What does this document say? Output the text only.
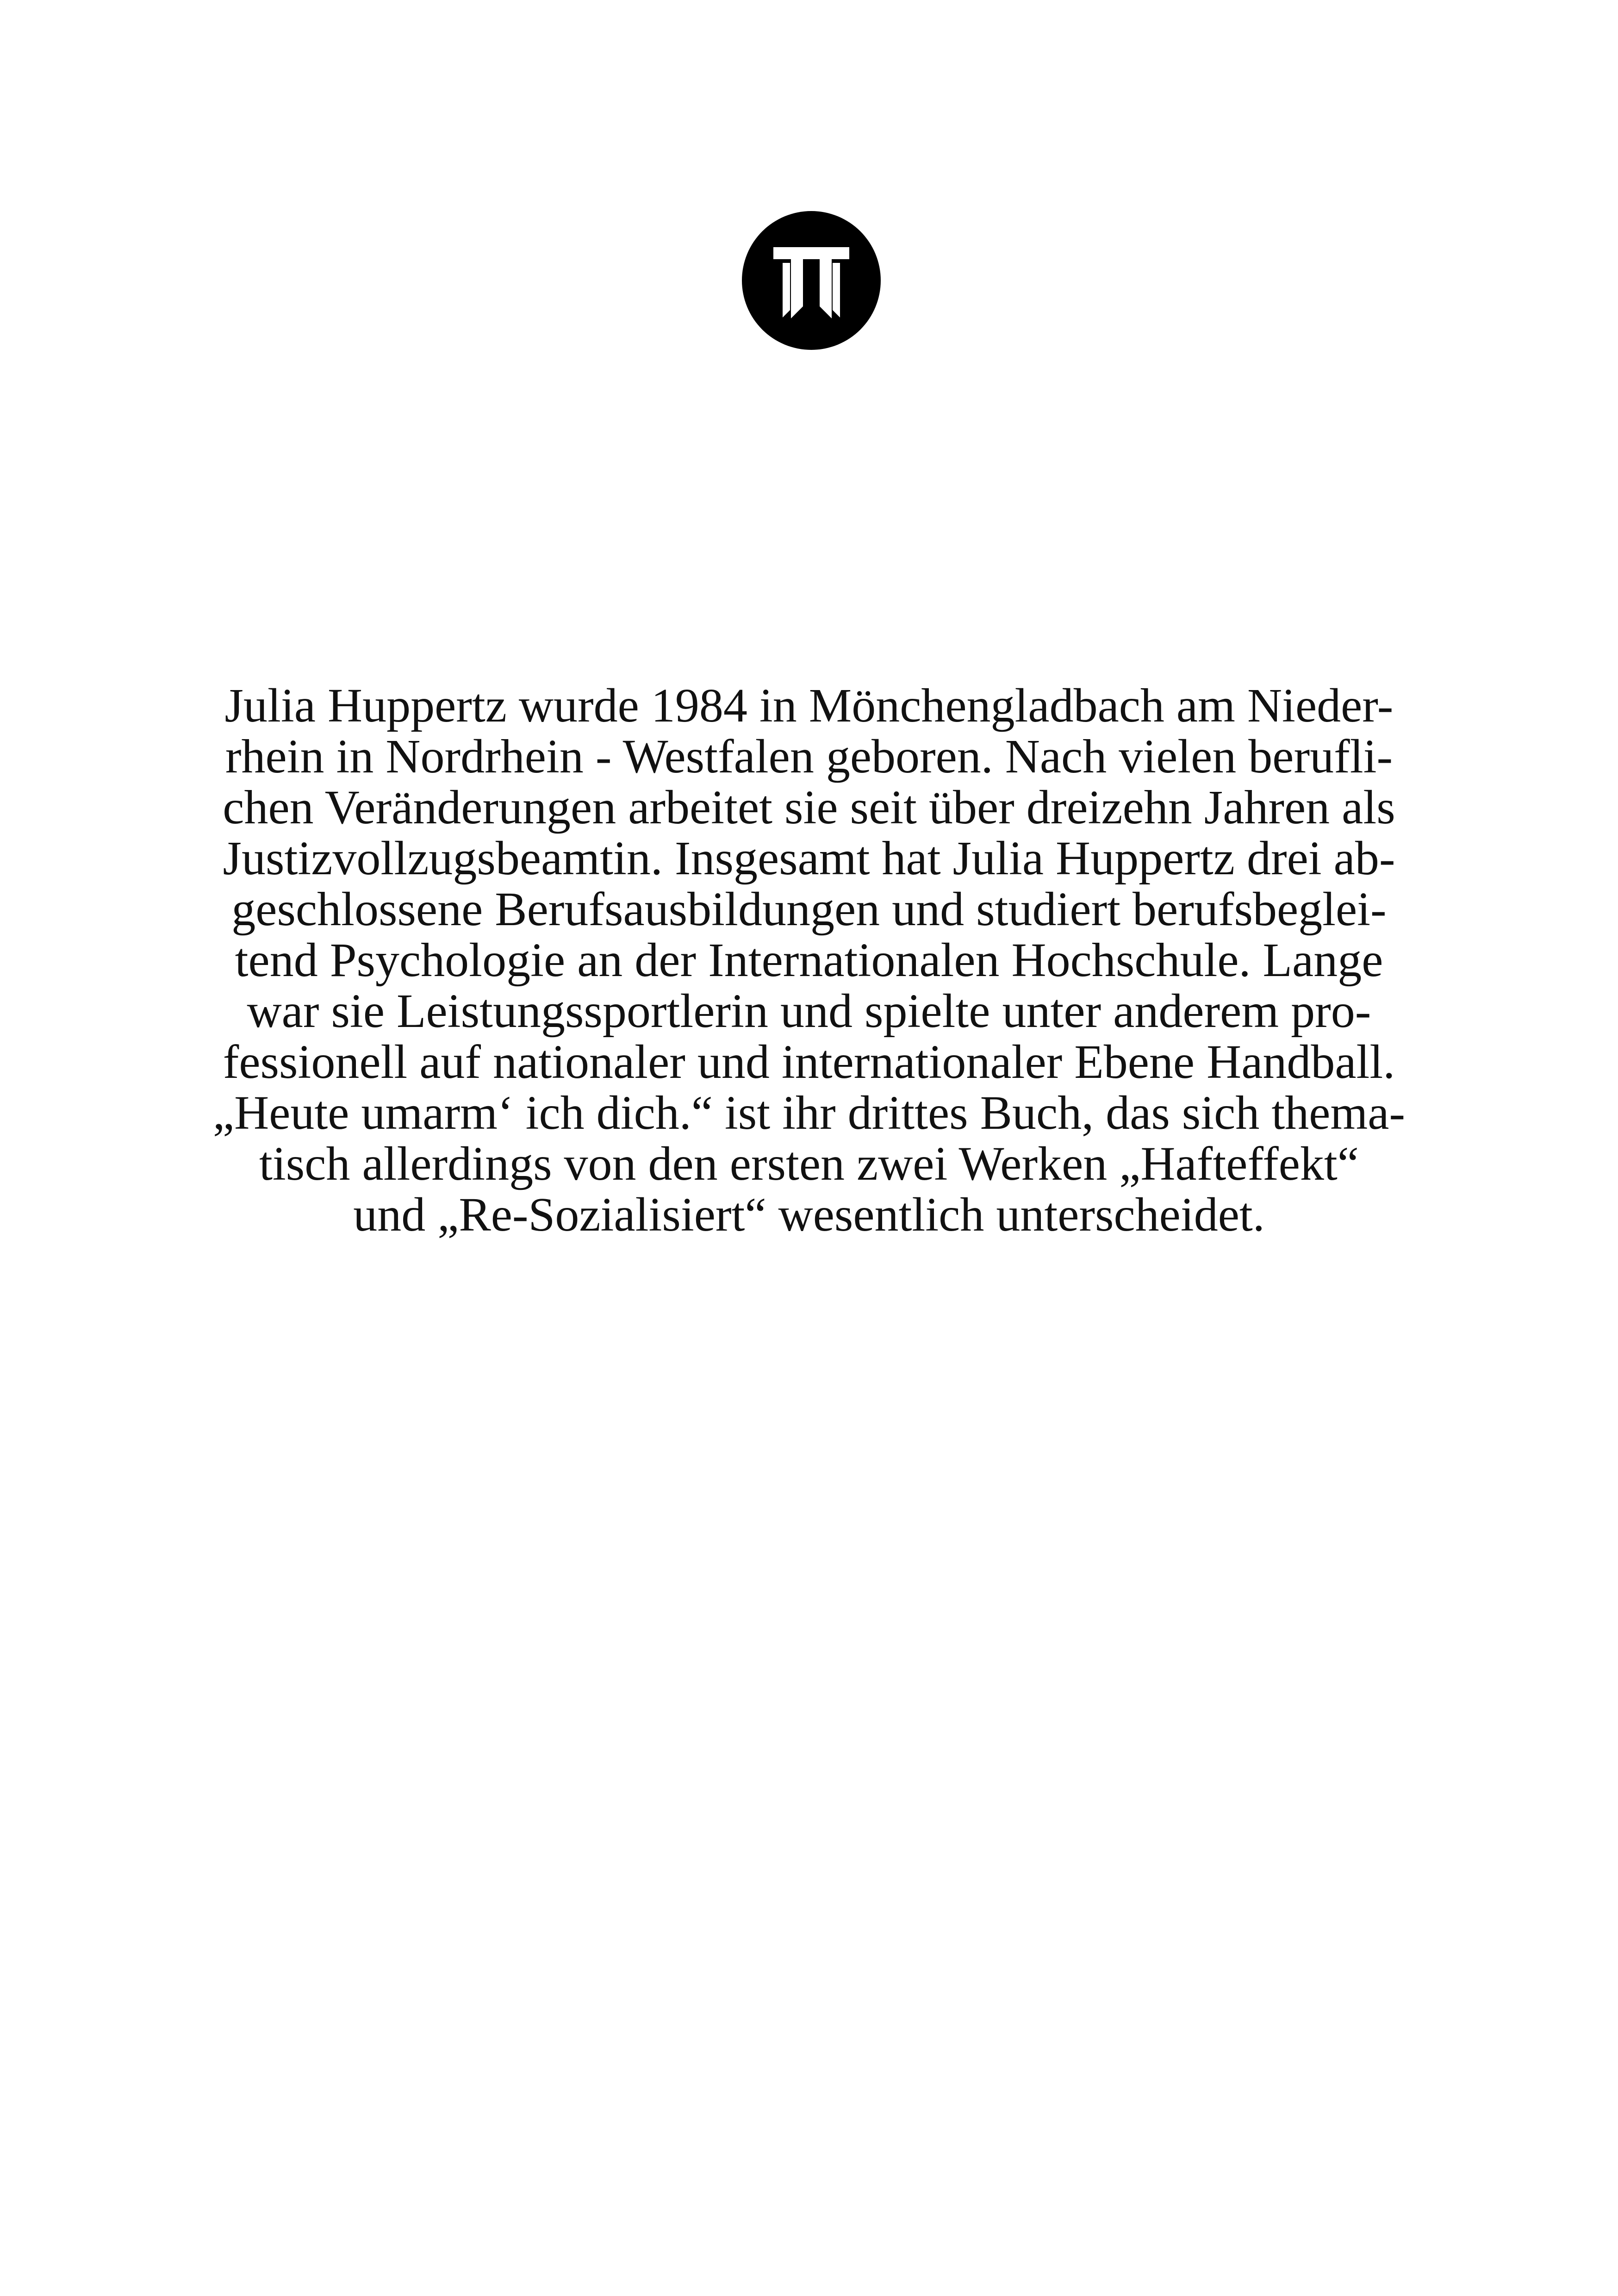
Julia Huppertz wurde 1984 in Mönchengladbach am Nieder-
rhein in Nordrhein - Westfalen geboren. Nach vielen berufli-
chen Veränderungen arbeitet sie seit über dreizehn Jahren als
Justizvollzugsbeamtin. Insgesamt hat Julia Huppertz drei ab-
geschlossene Berufsausbildungen und studiert berufsbeglei-
tend Psychologie an der Internationalen Hochschule. Lange
war sie Leistungssportlerin und spielte unter anderem pro-
fessionell auf nationaler und internationaler Ebene Handball.
„Heute umarm‘ ich dich.“ ist ihr drittes Buch, das sich thema-
tisch allerdings von den ersten zwei Werken „Hafteffekt“
und „Re-Sozialisiert“ wesentlich unterscheidet.
